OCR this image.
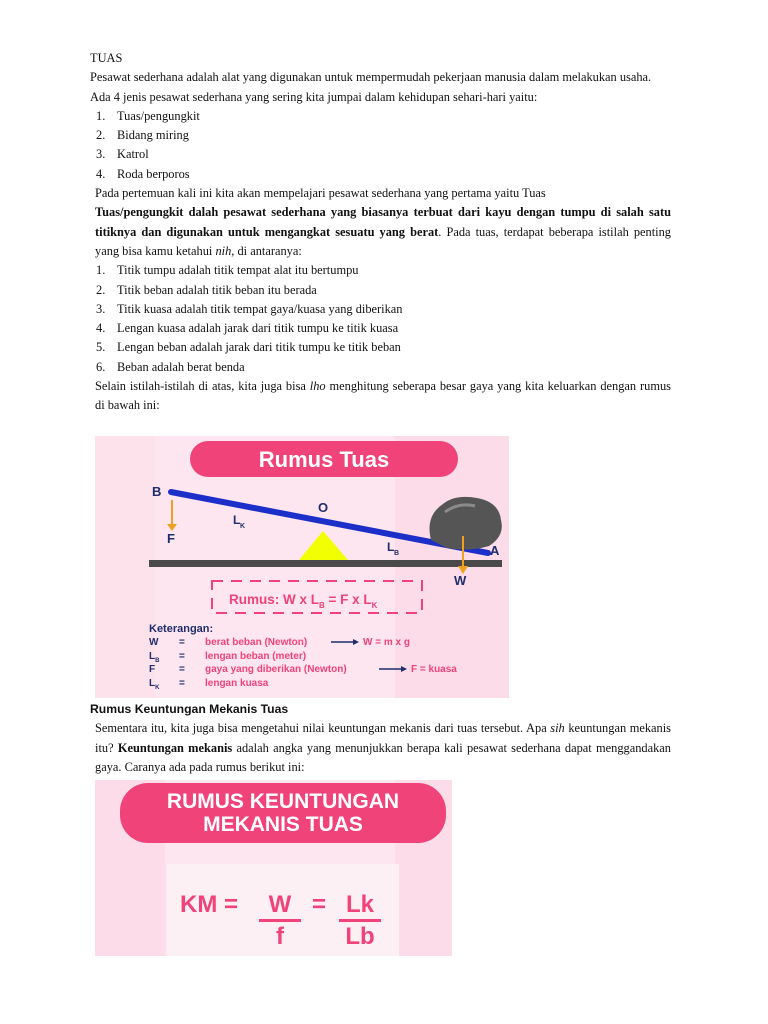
TUAS

Pesawat sederhana adalah alat yang digunakan untuk mempermudah pekerjaan manusia dalam melakukan usaha.

Ada 4 jenis pesawat sederhana yang sering kita jumpai dalam kehidupan sehari-hari yaitu:

1. Tuas/pengungkit
2. Bidang miring
3. Katrol
4. Roda berporos

Pada pertemuan kali ini kita akan mempelajari pesawat sederhana yang pertama yaitu Tuas

Tuas/pengungkit dalah pesawat sederhana yang biasanya terbuat dari kayu dengan tumpu di salah satu titiknya dan digunakan untuk mengangkat sesuatu yang berat. Pada tuas, terdapat beberapa istilah penting yang bisa kamu ketahui nih, di antaranya:

1. Titik tumpu adalah titik tempat alat itu bertumpu
2. Titik beban adalah titik beban itu berada
3. Titik kuasa adalah titik tempat gaya/kuasa yang diberikan
4. Lengan kuasa adalah jarak dari titik tumpu ke titik kuasa
5. Lengan beban adalah jarak dari titik tumpu ke titik beban
6. Beban adalah berat benda

Selain istilah-istilah di atas, kita juga bisa lho menghitung seberapa besar gaya yang kita keluarkan dengan rumus di bawah ini:

Rumus Tuas
B
F
L K
O
L B	A
W
Rumus: W x $L_B = F$ x $L_K$
Keterangan:
W = berat beban (Newton)	W = m x g
$L_B$ = lengan beban (meter)
F = gaya yang diberikan (Newton)	F = kuasa
$L_K$ = lengan kuasa

Rumus Keuntungan Mekanis Tuas

Sementara itu, kita juga bisa mengetahui nilai keuntungan mekanis dari tuas tersebut. Apa sih keuntungan mekanis itu? Keuntungan mekanis adalah angka yang menunjukkan berapa kali pesawat sederhana dapat menggandakan gaya. Caranya ada pada rumus berikut ini:

RUMUS KEUNTUNGAN
MEKANIS TUAS
KM = W
f
= Lk
Lb
